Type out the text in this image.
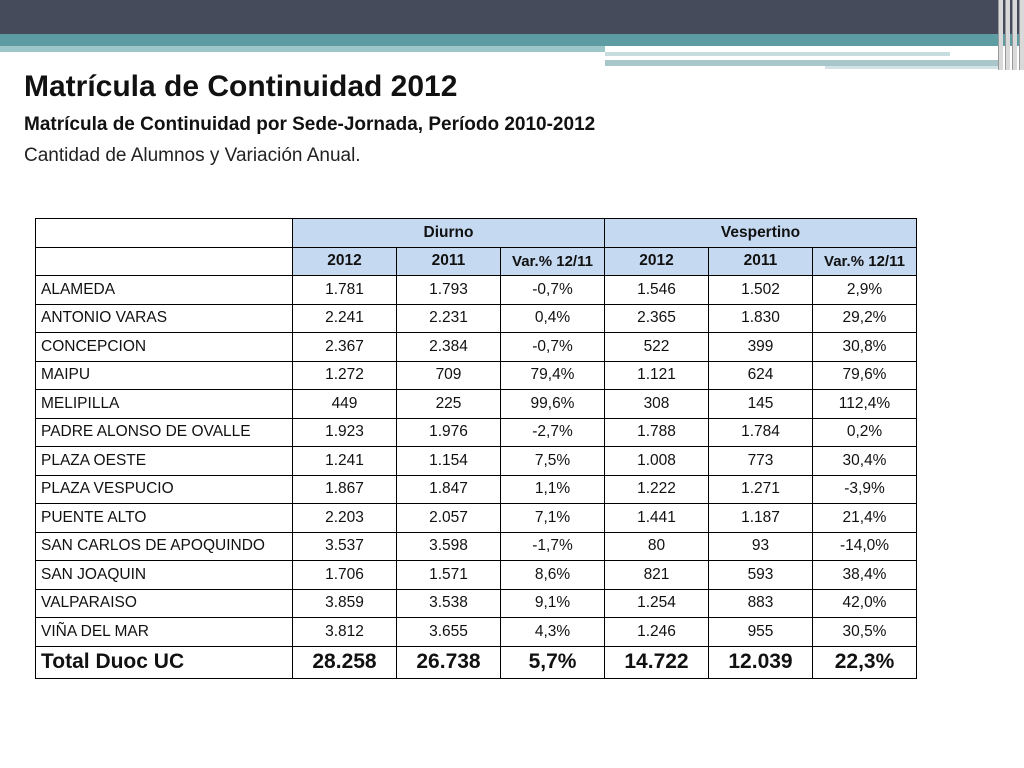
Matrícula de Continuidad 2012
Matrícula de Continuidad por Sede-Jornada, Período 2010-2012

Cantidad de Alumnos y Variación Anual.

	Diurno			Vespertino		
	2012	2011	Var.% 12/11	2012	2011	Var.% 12/11
ALAMEDA	1.781	1.793	-0,7%	1.546	1.502	2,9%
ANTONIO VARAS	2.241	2.231	0,4%	2.365	1.830	29,2%
CONCEPCION	2.367	2.384	-0,7%	522	399	30,8%
MAIPU	1.272	709	79,4%	1.121	624	79,6%
MELIPILLA	449	225	99,6%	308	145	112,4%
PADRE ALONSO DE OVALLE	1.923	1.976	-2,7%	1.788	1.784	0,2%
PLAZA OESTE	1.241	1.154	7,5%	1.008	773	30,4%
PLAZA VESPUCIO	1.867	1.847	1,1%	1.222	1.271	-3,9%
PUENTE ALTO	2.203	2.057	7,1%	1.441	1.187	21,4%
SAN CARLOS DE APOQUINDO	3.537	3.598	-1,7%	80	93	-14,0%
SAN JOAQUIN	1.706	1.571	8,6%	821	593	38,4%
VALPARAISO	3.859	3.538	9,1%	1.254	883	42,0%
VIÑA DEL MAR	3.812	3.655	4,3%	1.246	955	30,5%
Total Duoc UC	28.258	26.738	5,7%	14.722	12.039	22,3%
